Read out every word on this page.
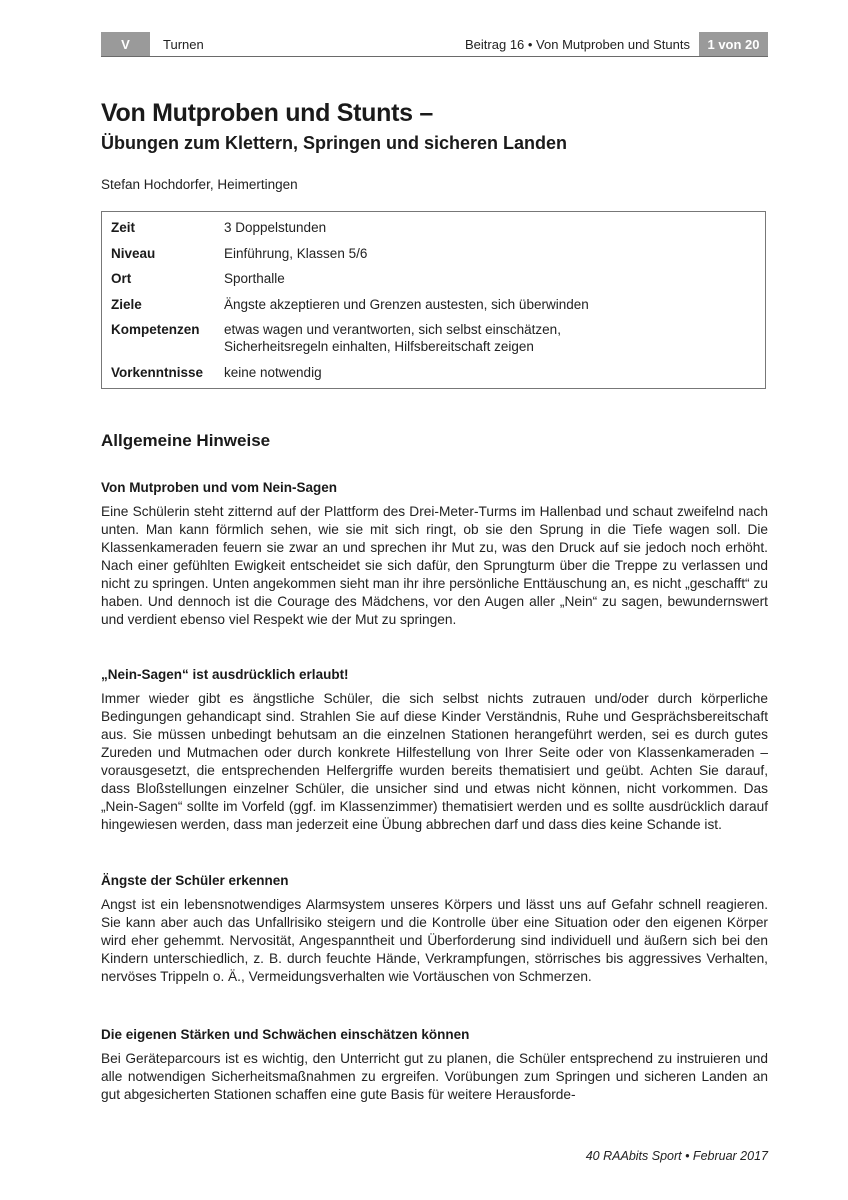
V	Turnen	Beitrag 16 • Von Mutproben und Stunts	1 von 20
Von Mutproben und Stunts –
Übungen zum Klettern, Springen und sicheren Landen
Stefan Hochdorfer, Heimertingen
Zeit	3 Doppelstunden
Niveau	Einführung, Klassen 5/6
Ort	Sporthalle
Ziele	Ängste akzeptieren und Grenzen austesten, sich überwinden
Kompetenzen	etwas wagen und verantworten, sich selbst einschätzen,
Sicherheitsregeln einhalten, Hilfsbereitschaft zeigen
Vorkenntnisse	keine notwendig
Allgemeine Hinweise
Von Mutproben und vom Nein-Sagen

Eine Schülerin steht zitternd auf der Plattform des Drei-Meter-Turms im Hallenbad und schaut zweifelnd nach unten. Man kann förmlich sehen, wie sie mit sich ringt, ob sie den Sprung in die Tiefe wagen soll. Die Klassenkameraden feuern sie zwar an und sprechen ihr Mut zu, was den Druck auf sie jedoch noch erhöht. Nach einer gefühlten Ewigkeit entscheidet sie sich dafür, den Sprungturm über die Treppe zu verlassen und nicht zu springen. Unten angekommen sieht man ihr ihre persönliche Enttäuschung an, es nicht „geschafft“ zu haben. Und dennoch ist die Courage des Mädchens, vor den Augen aller „Nein“ zu sagen, bewundernswert und verdient ebenso viel Respekt wie der Mut zu springen.

„Nein-Sagen“ ist ausdrücklich erlaubt!

Immer wieder gibt es ängstliche Schüler, die sich selbst nichts zutrauen und/oder durch körperliche Bedingungen gehandicapt sind. Strahlen Sie auf diese Kinder Verständnis, Ruhe und Gesprächsbereitschaft aus. Sie müssen unbedingt behutsam an die einzelnen Stationen herangeführt werden, sei es durch gutes Zureden und Mutmachen oder durch konkrete Hilfestellung von Ihrer Seite oder von Klassenkameraden – vorausgesetzt, die entsprechenden Helfergriffe wurden bereits thematisiert und geübt. Achten Sie darauf, dass Bloßstellungen einzelner Schüler, die unsicher sind und etwas nicht können, nicht vorkommen. Das „Nein-Sagen“ sollte im Vorfeld (ggf. im Klassenzimmer) thematisiert werden und es sollte ausdrücklich darauf hingewiesen werden, dass man jederzeit eine Übung abbrechen darf und dass dies keine Schande ist.

Ängste der Schüler erkennen

Angst ist ein lebensnotwendiges Alarmsystem unseres Körpers und lässt uns auf Gefahr schnell reagieren. Sie kann aber auch das Unfallrisiko steigern und die Kontrolle über eine Situation oder den eigenen Körper wird eher gehemmt. Nervosität, Angespanntheit und Überforderung sind individuell und äußern sich bei den Kindern unterschiedlich, z. B. durch feuchte Hände, Verkrampfungen, störrisches bis aggressives Verhalten, nervöses Trippeln o. Ä., Vermeidungsverhalten wie Vortäuschen von Schmerzen.

Die eigenen Stärken und Schwächen einschätzen können

Bei Geräteparcours ist es wichtig, den Unterricht gut zu planen, die Schüler entsprechend zu instruieren und alle notwendigen Sicherheitsmaßnahmen zu ergreifen. Vorübungen zum Springen und sicheren Landen an gut abgesicherten Stationen schaffen eine gute Basis für weitere Herausforde-

40 RAAbits Sport • Februar 2017
